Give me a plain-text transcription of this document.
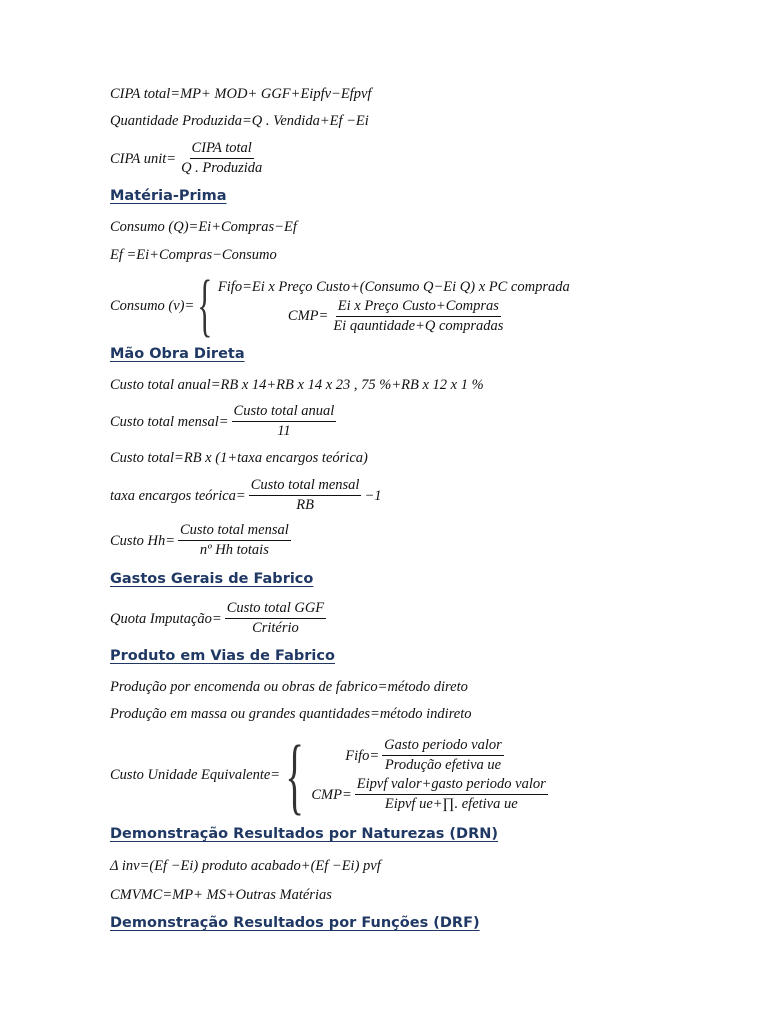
CIPA total=MP+ MOD+ GGF+Eipfv−Efpvf
Quantidade Produzida=Q . Vendida+Ef −Ei
CIPA unit= $\frac{\text{CIPA total}}{\text{Q . Produzida}}$
Matéria-Prima
Consumo (Q)=Ei+Compras−Ef
Ef =Ei+Compras−Consumo
Consumo (v)= { Fifo=Ei x Preço Custo+(Consumo Q−Ei Q) x PC comprada
$CMP= \frac{\text{Ei x Preço Custo+Compras}}{\text{Ei qauntidade+Q compradas}}$
Mão Obra Direta
Custo total anual=RB x 14+RB x 14 x 23 , 75 %+RB x 12 x 1 %
Custo total mensal= $\frac{\text{Custo total anual}}{11}$
Custo total=RB x (1+taxa encargos teórica)
taxa encargos teórica= $\frac{\text{Custo total mensal}}{RB} -1$
Custo $Hh= \frac{\text{Custo total mensal}}{\text{nº Hh totais}}$
Gastos Gerais de Fabrico
Quota Imputação= $\frac{\text{Custo total GGF}}{\text{Critério}}$
Produto em Vias de Fabrico
Produção por encomenda ou obras de fabrico=método direto
Produção em massa ou grandes quantidades=método indireto
Custo Unidade Equivalente= {	Fifo= $\frac{\text{Gasto periodo valor}}{\text{Produção efetiva ue}}$
$CMP= \frac{\text{Eipvf valor+gasto periodo valor}}{\text{Eipvf ue+∏. efetiva ue}}$
Demonstração Resultados por Naturezas (DRN)
Δ inv=(Ef −Ei) produto acabado+(Ef −Ei) pvf
CMVMC=MP+ MS+Outras Matérias
Demonstração Resultados por Funções (DRF)
